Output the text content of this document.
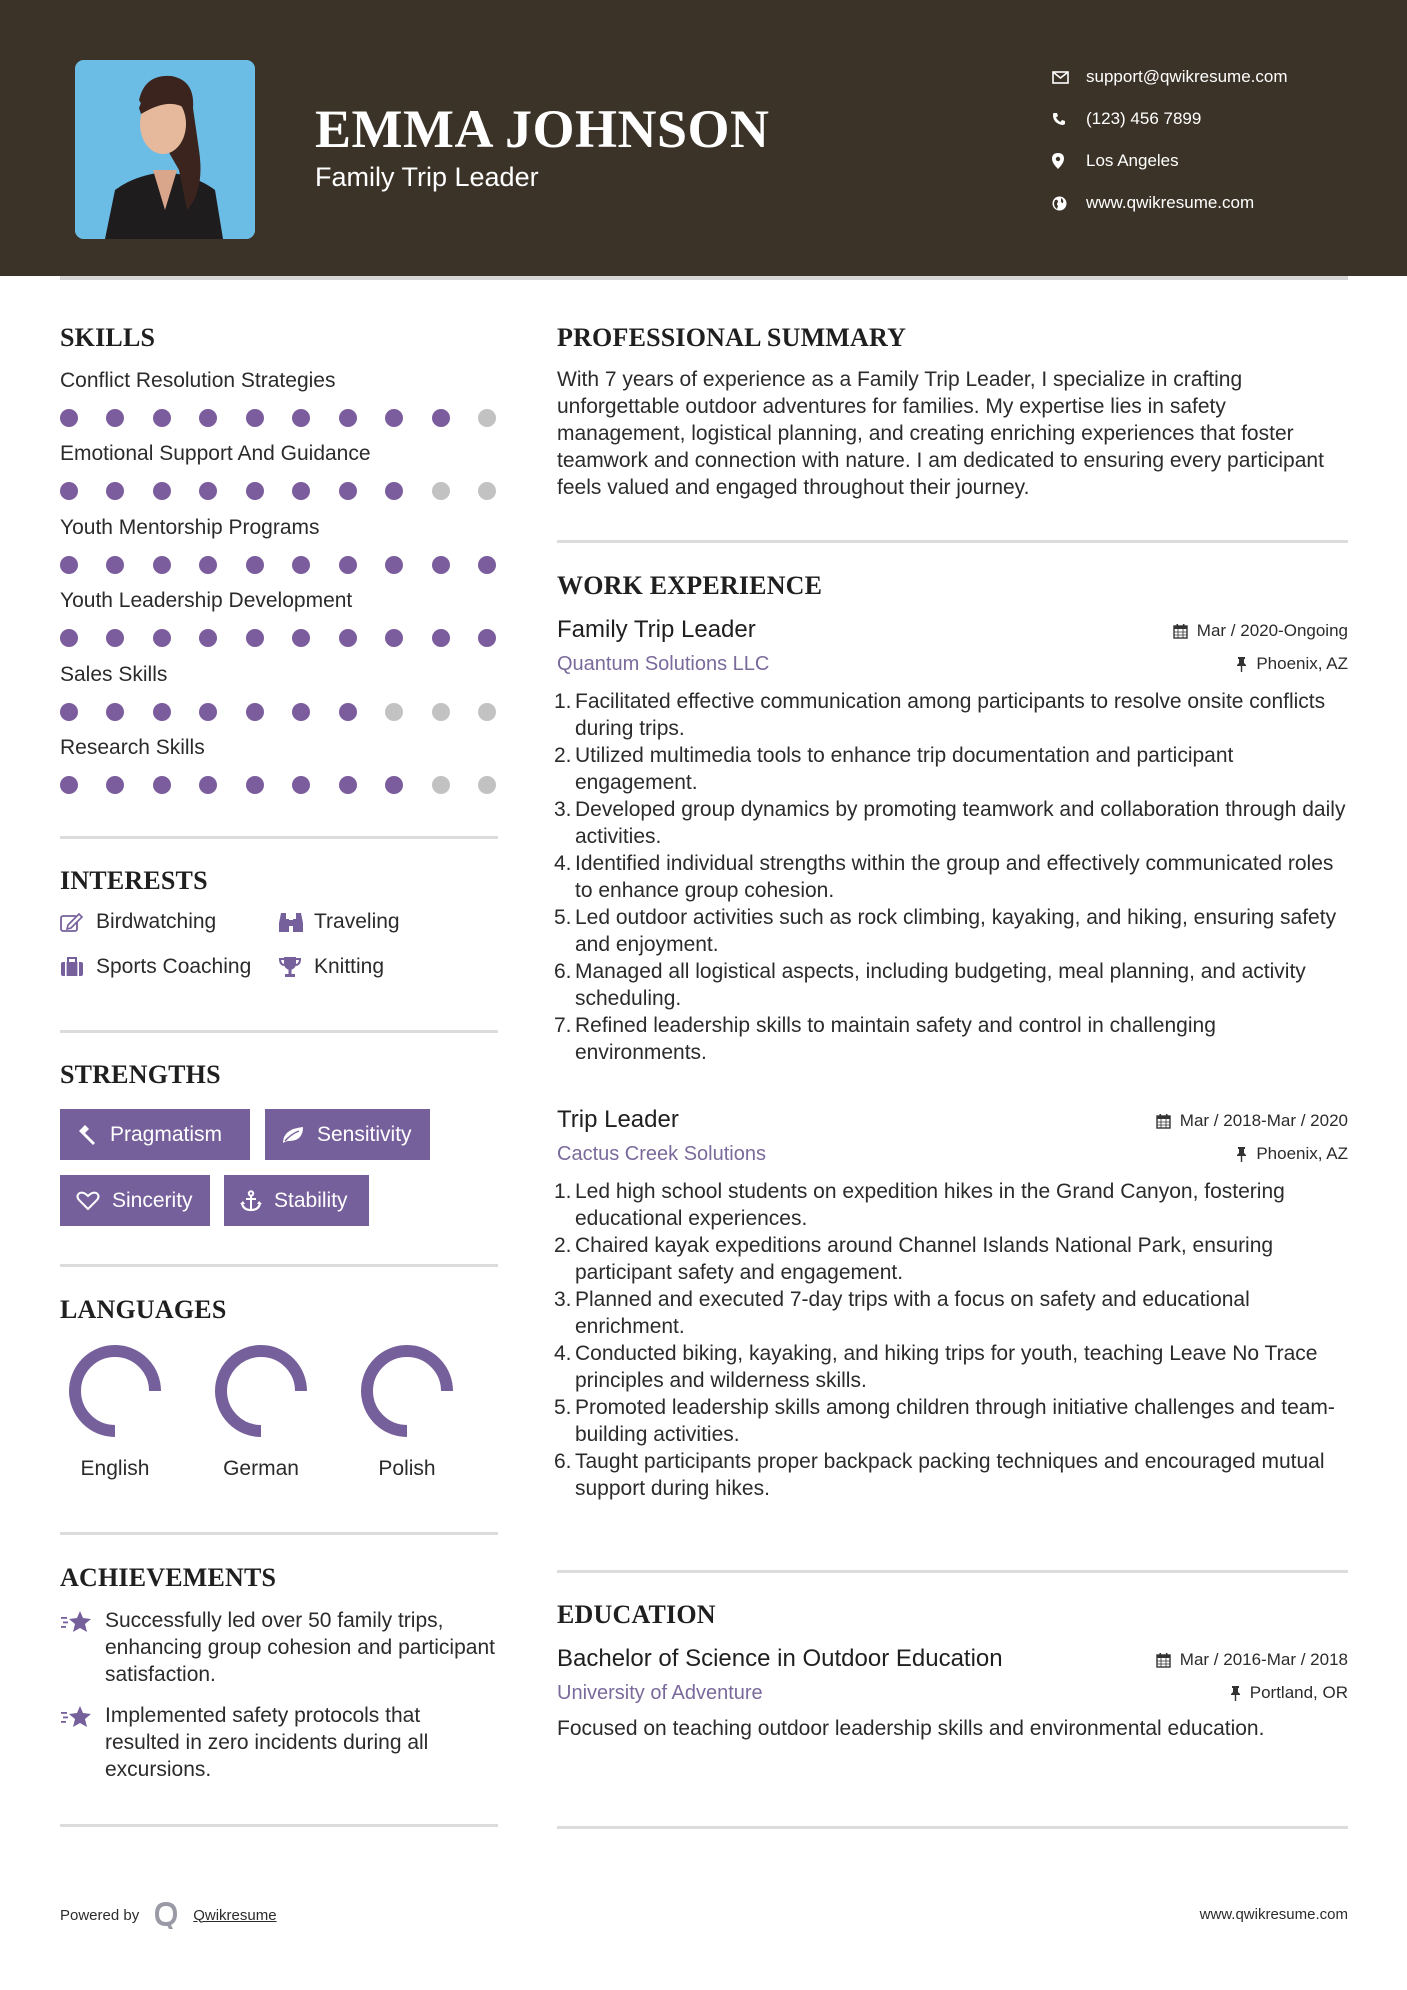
EMMA JOHNSON
Family Trip Leader
support@qwikresume.com
(123) 456 7899
Los Angeles
www.qwikresume.com
SKILLS
Conflict Resolution Strategies
Emotional Support And Guidance
Youth Mentorship Programs
Youth Leadership Development
Sales Skills
Research Skills
INTERESTS
Birdwatching	Traveling
Sports Coaching	Knitting
STRENGTHS
Pragmatism	Sensitivity
Sincerity	Stability
LANGUAGES
English	German	Polish
ACHIEVEMENTS
Successfully led over 50 family trips, enhancing group cohesion and participant satisfaction.
Implemented safety protocols that resulted in zero incidents during all excursions.
PROFESSIONAL SUMMARY
With 7 years of experience as a Family Trip Leader, I specialize in crafting unforgettable outdoor adventures for families. My expertise lies in safety management, logistical planning, and creating enriching experiences that foster teamwork and connection with nature. I am dedicated to ensuring every participant feels valued and engaged throughout their journey.
WORK EXPERIENCE
Family Trip Leader
Quantum Solutions LLC
Mar / 2020-Ongoing
Phoenix, AZ
1. Facilitated effective communication among participants to resolve onsite conflicts during trips.
2. Utilized multimedia tools to enhance trip documentation and participant engagement.
3. Developed group dynamics by promoting teamwork and collaboration through daily activities.
4. Identified individual strengths within the group and effectively communicated roles to enhance group cohesion.
5. Led outdoor activities such as rock climbing, kayaking, and hiking, ensuring safety and enjoyment.
6. Managed all logistical aspects, including budgeting, meal planning, and activity scheduling.
7. Refined leadership skills to maintain safety and control in challenging environments.
Trip Leader
Cactus Creek Solutions
Mar / 2018-Mar / 2020
Phoenix, AZ
1. Led high school students on expedition hikes in the Grand Canyon, fostering educational experiences.
2. Chaired kayak expeditions around Channel Islands National Park, ensuring participant safety and engagement.
3. Planned and executed 7-day trips with a focus on safety and educational enrichment.
4. Conducted biking, kayaking, and hiking trips for youth, teaching Leave No Trace principles and wilderness skills.
5. Promoted leadership skills among children through initiative challenges and team-building activities.
6. Taught participants proper backpack packing techniques and encouraged mutual support during hikes.
EDUCATION
Bachelor of Science in Outdoor Education
University of Adventure
Mar / 2016-Mar / 2018
Portland, OR
Focused on teaching outdoor leadership skills and environmental education.
Powered by	Qwikresume	www.qwikresume.com
